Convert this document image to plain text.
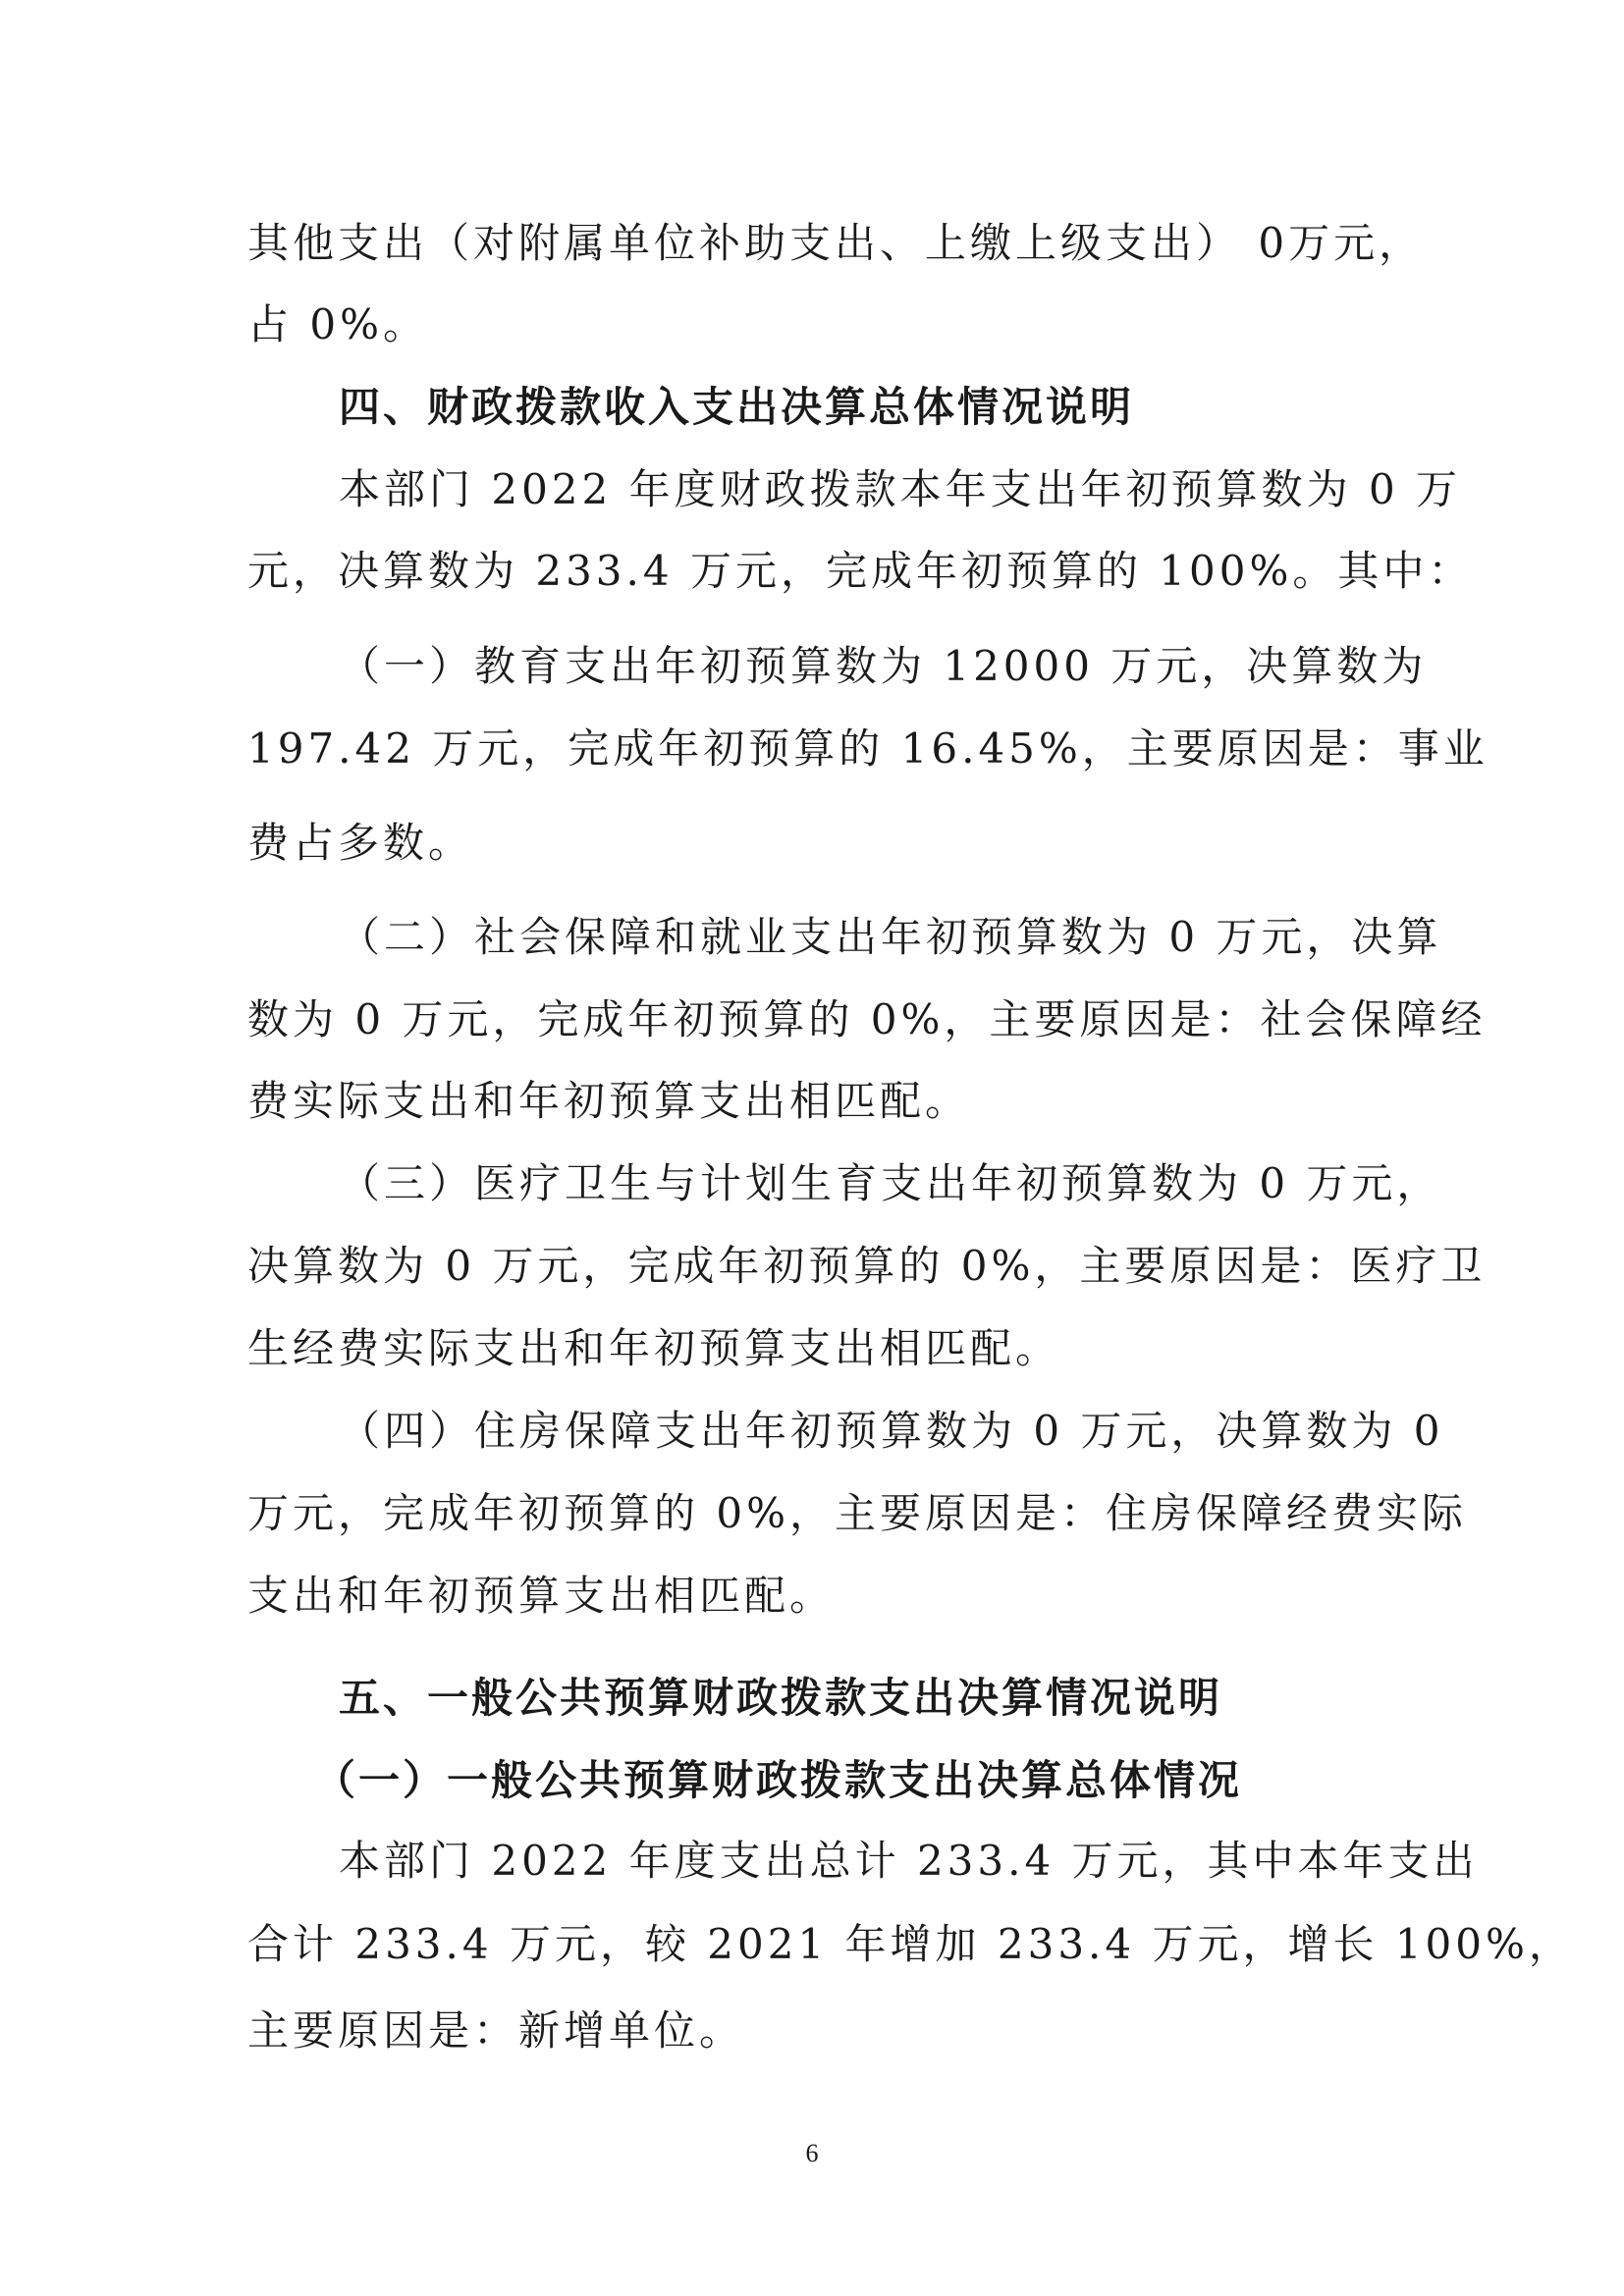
其他支出（对附属单位补助支出、上缴上级支出） 0万元，
占 0%。
四、财政拨款收入支出决算总体情况说明
本部门 2022 年度财政拨款本年支出年初预算数为 0 万
元，决算数为 233.4 万元，完成年初预算的 100%。其中：
（一）教育支出年初预算数为 12000 万元，决算数为
197.42 万元，完成年初预算的 16.45%，主要原因是：事业
费占多数。
（二）社会保障和就业支出年初预算数为 0 万元，决算
数为 0 万元，完成年初预算的 0%，主要原因是：社会保障经
费实际支出和年初预算支出相匹配。
（三）医疗卫生与计划生育支出年初预算数为 0 万元，
决算数为 0 万元，完成年初预算的 0%，主要原因是：医疗卫
生经费实际支出和年初预算支出相匹配。
（四）住房保障支出年初预算数为 0 万元，决算数为 0
万元，完成年初预算的 0%，主要原因是：住房保障经费实际
支出和年初预算支出相匹配。
五、一般公共预算财政拨款支出决算情况说明
（一）一般公共预算财政拨款支出决算总体情况
本部门 2022 年度支出总计 233.4 万元，其中本年支出
合计 233.4 万元，较 2021 年增加 233.4 万元，增长 100%，
主要原因是：新增单位。
6
